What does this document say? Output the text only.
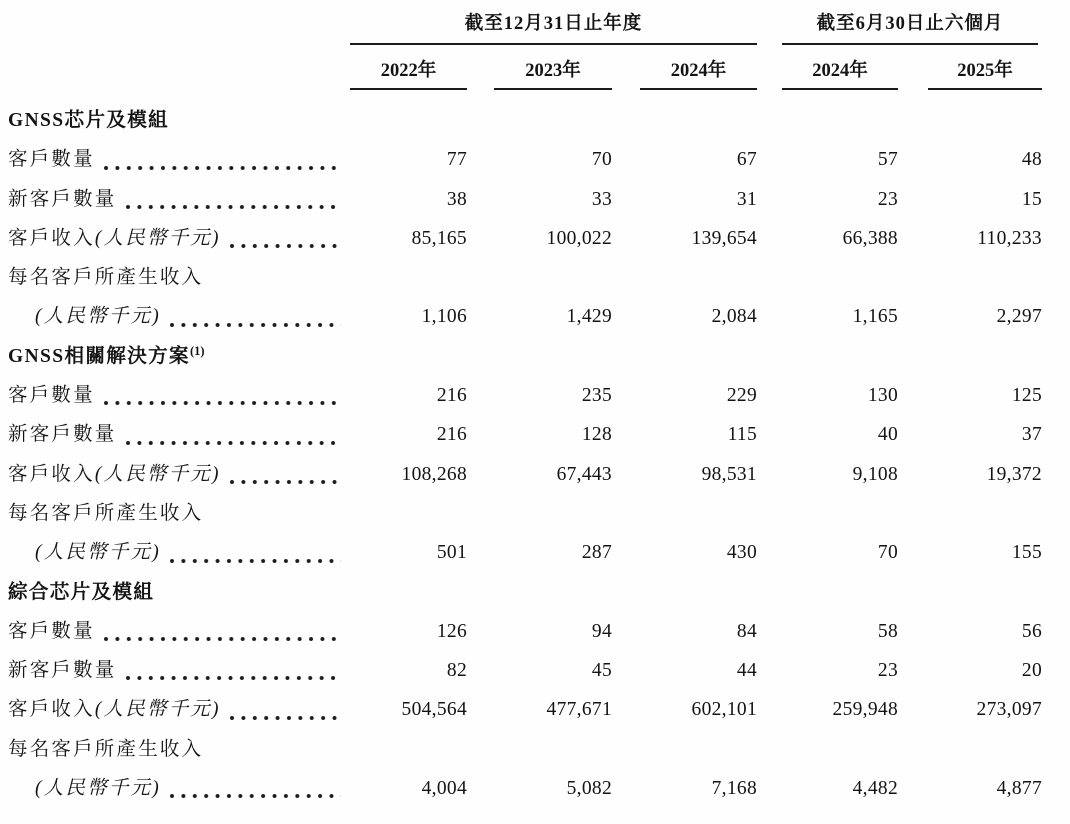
截至12月31日止年度	截至6月30日止六個月
2022年	2023年	2024年	2024年	2025年
GNSS芯片及模組
客戶數量	77	70	67	57	48
新客戶數量	38	33	31	23	15
客戶收入 (人民幣千元)	85,165	100,022	139,654	66,388	110,233
每名客戶所產生收入
(人民幣千元)	1,106	1,429	2,084	1,165	2,297
GNSS相關解決方案$^{(1)}$
客戶數量	216	235	229	130	125
新客戶數量	216	128	115	40	37
客戶收入 (人民幣千元)	108,268	67,443	98,531	9,108	19,372
每名客戶所產生收入
(人民幣千元)	501	287	430	70	155
綜合芯片及模組
客戶數量	126	94	84	58	56
新客戶數量	82	45	44	23	20
客戶收入 (人民幣千元)	504,564	477,671	602,101	259,948	273,097
每名客戶所產生收入
(人民幣千元)	4,004	5,082	7,168	4,482	4,877
